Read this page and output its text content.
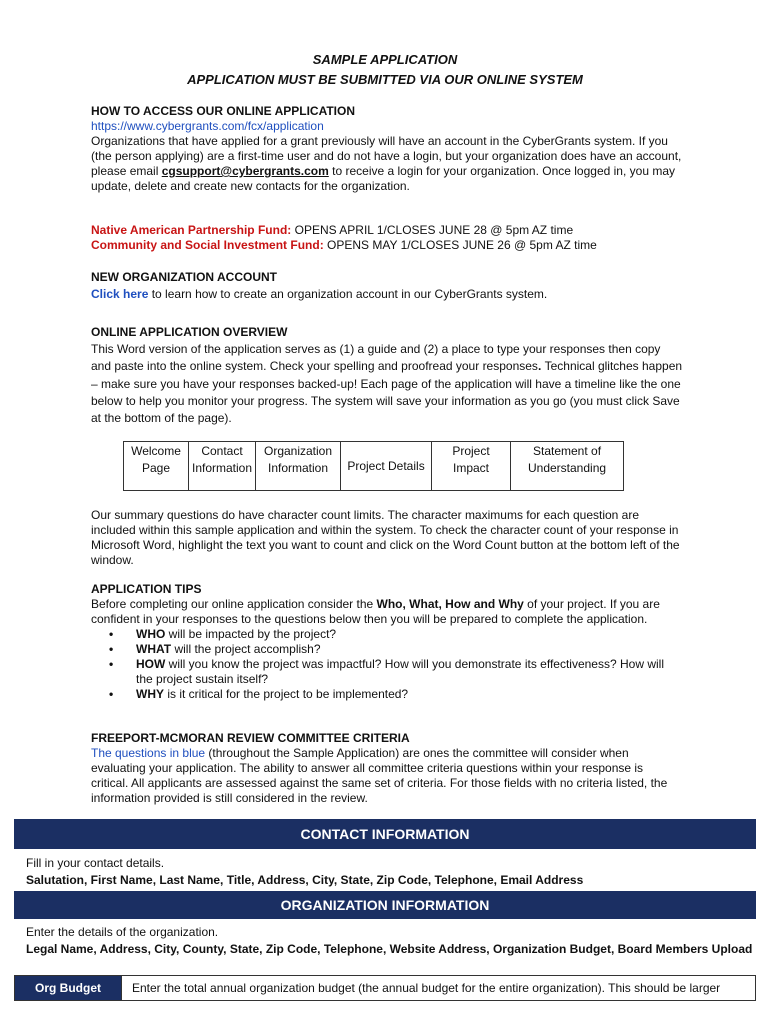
SAMPLE APPLICATION
APPLICATION MUST BE SUBMITTED VIA OUR ONLINE SYSTEM
HOW TO ACCESS OUR ONLINE APPLICATION
https://www.cybergrants.com/fcx/application
Organizations that have applied for a grant previously will have an account in the CyberGrants system. If you (the person applying) are a first-time user and do not have a login, but your organization does have an account, please email cgsupport@cybergrants.com to receive a login for your organization. Once logged in, you may update, delete and create new contacts for the organization.
Native American Partnership Fund: OPENS APRIL 1/CLOSES JUNE 28 @ 5pm AZ time
Community and Social Investment Fund: OPENS MAY 1/CLOSES JUNE 26 @ 5pm AZ time
NEW ORGANIZATION ACCOUNT
Click here to learn how to create an organization account in our CyberGrants system.
ONLINE APPLICATION OVERVIEW
This Word version of the application serves as (1) a guide and (2) a place to type your responses then copy and paste into the online system. Check your spelling and proofread your responses. Technical glitches happen – make sure you have your responses backed-up! Each page of the application will have a timeline like the one below to help you monitor your progress. The system will save your information as you go (you must click Save at the bottom of the page).
Welcome Page	Contact Information	Organization Information	Project Details	Project Impact	Statement of Understanding
Our summary questions do have character count limits. The character maximums for each question are included within this sample application and within the system. To check the character count of your response in Microsoft Word, highlight the text you want to count and click on the Word Count button at the bottom left of the window.
APPLICATION TIPS
Before completing our online application consider the Who, What, How and Why of your project. If you are confident in your responses to the questions below then you will be prepared to complete the application.
• WHO will be impacted by the project?
• WHAT will the project accomplish?
• HOW will you know the project was impactful? How will you demonstrate its effectiveness? How will the project sustain itself?
• WHY is it critical for the project to be implemented?
FREEPORT-MCMORAN REVIEW COMMITTEE CRITERIA
The questions in blue (throughout the Sample Application) are ones the committee will consider when evaluating your application. The ability to answer all committee criteria questions within your response is critical. All applicants are assessed against the same set of criteria. For those fields with no criteria listed, the information provided is still considered in the review.
CONTACT INFORMATION
Fill in your contact details.
Salutation, First Name, Last Name, Title, Address, City, State, Zip Code, Telephone, Email Address
ORGANIZATION INFORMATION
Enter the details of the organization.
Legal Name, Address, City, County, State, Zip Code, Telephone, Website Address, Organization Budget, Board Members Upload
Org Budget	Enter the total annual organization budget (the annual budget for the entire organization). This should be larger
